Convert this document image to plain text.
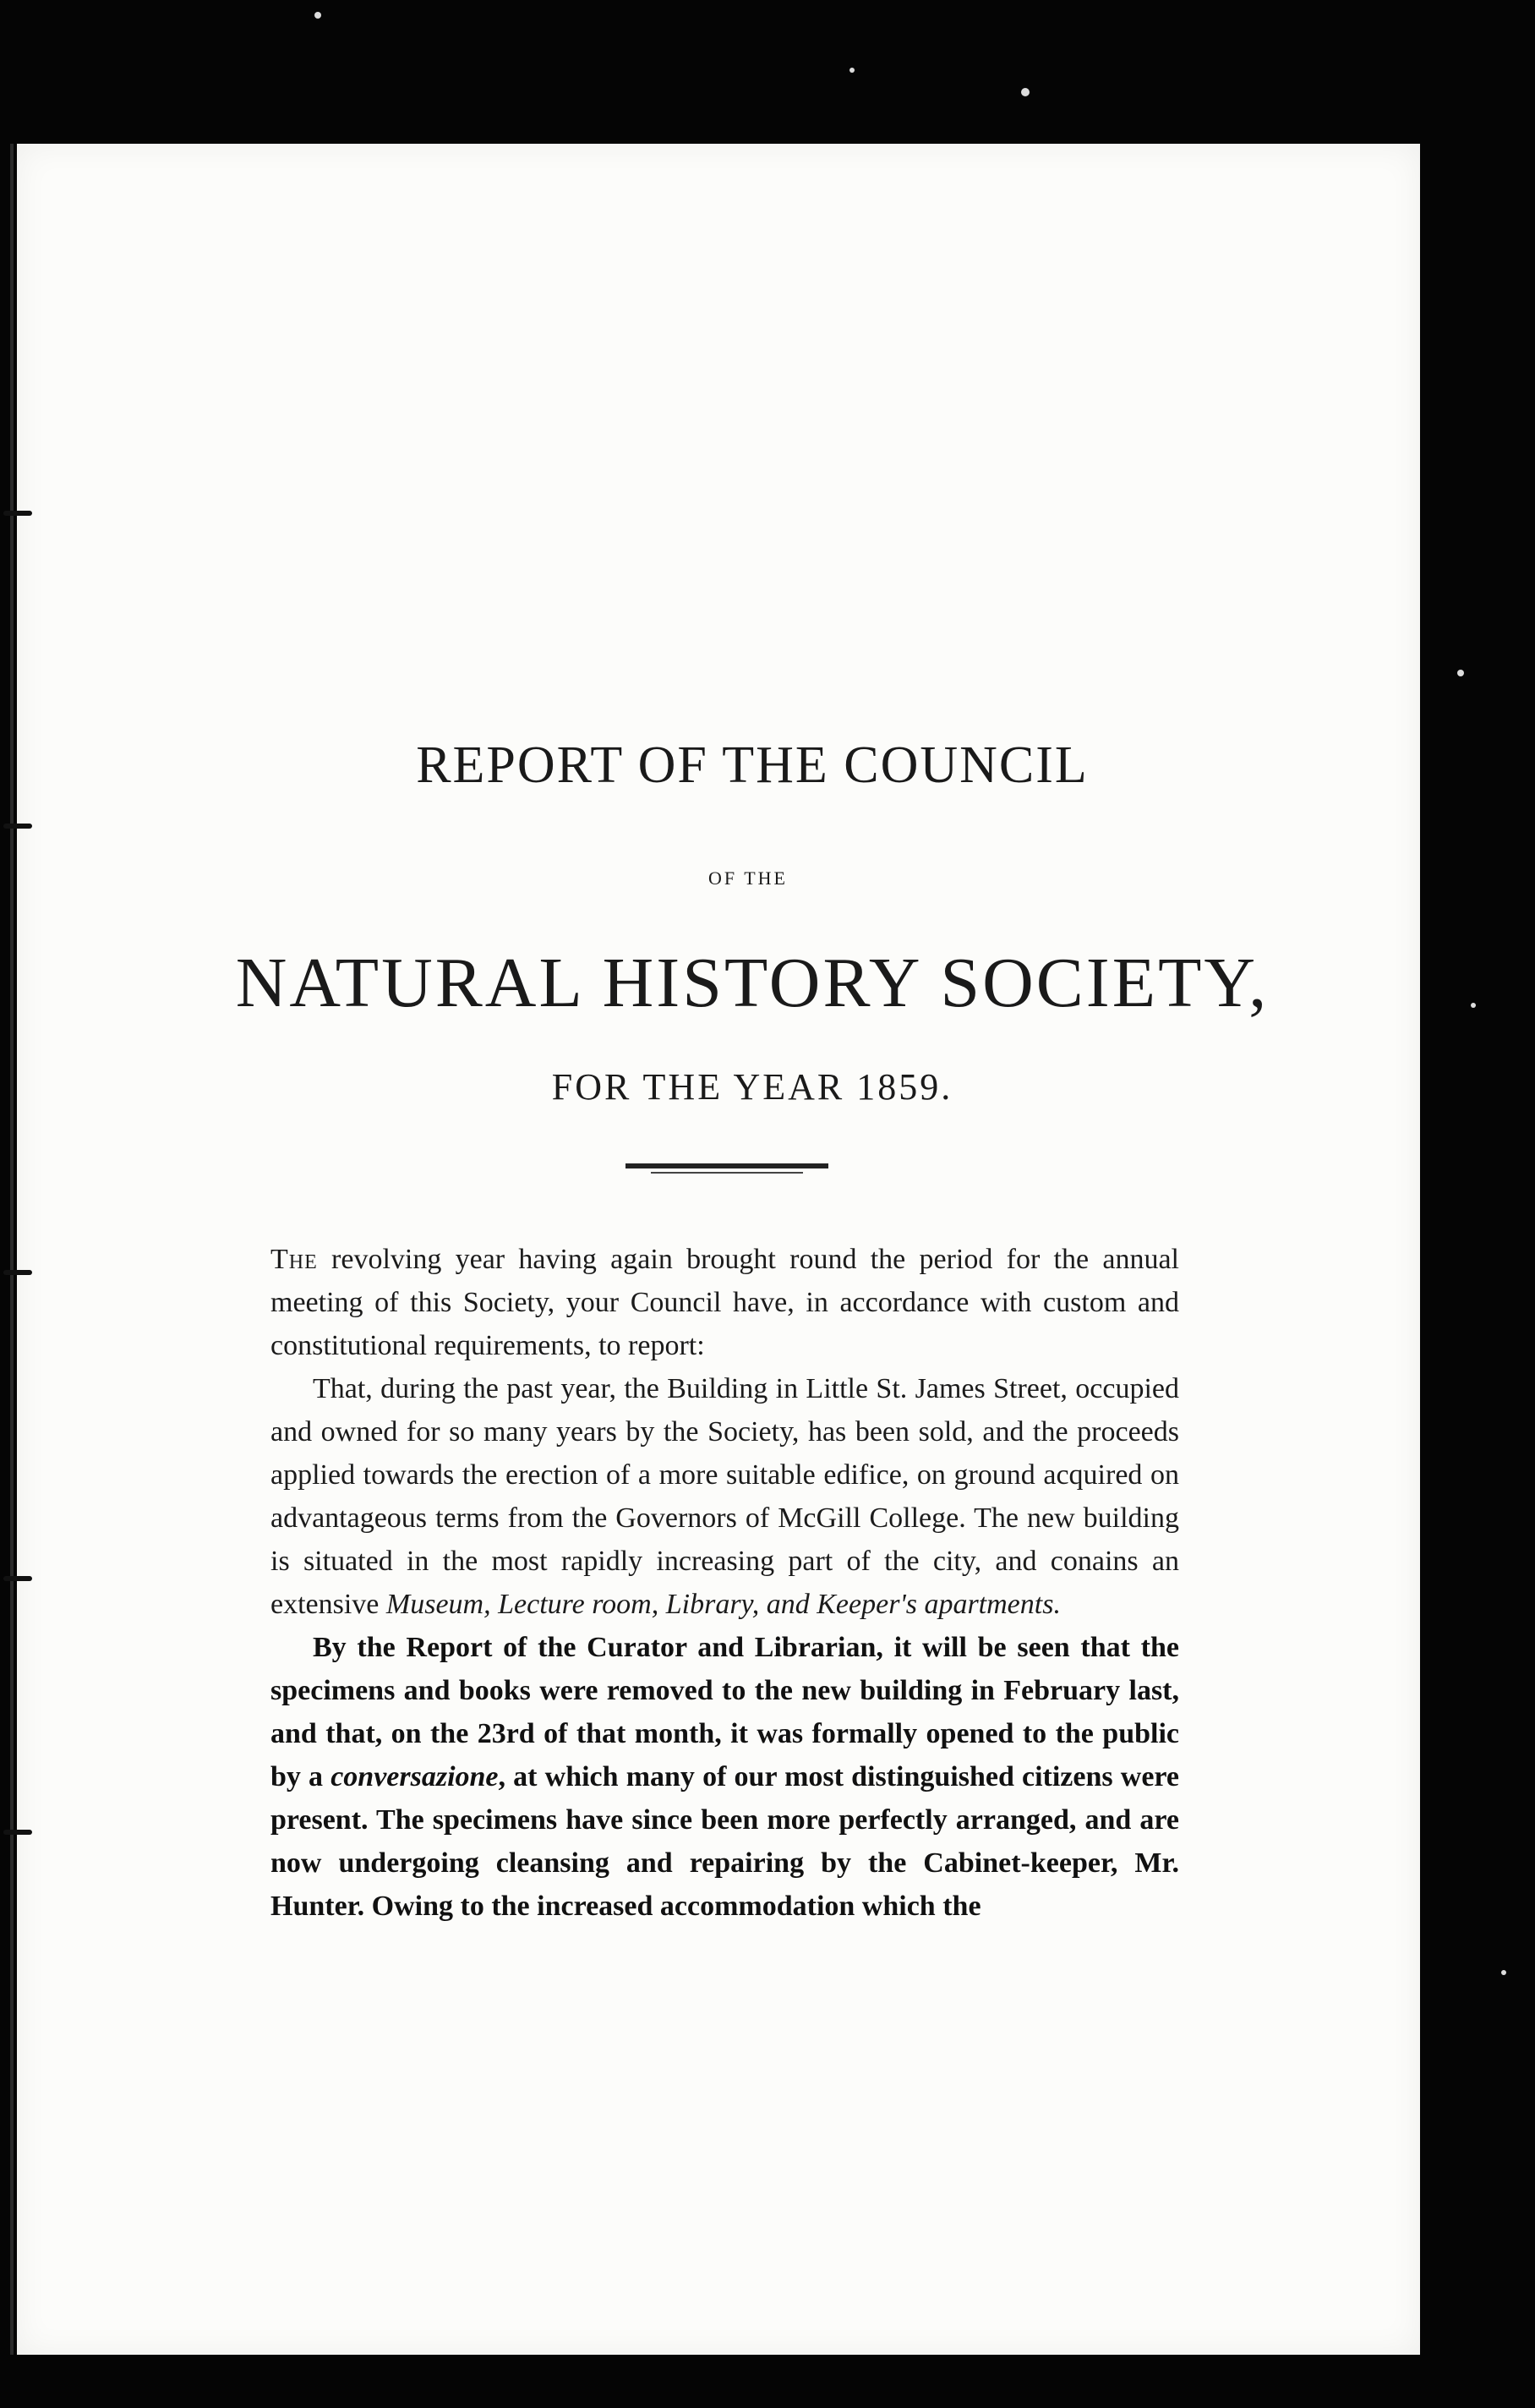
REPORT OF THE COUNCIL
OF THE
NATURAL HISTORY SOCIETY,
FOR THE YEAR 1859.

The revolving year having again brought round the period for the annual meeting of this Society, your Council have, in accordance with custom and constitutional requirements, to report:

That, during the past year, the Building in Little St. James Street, occupied and owned for so many years by the Society, has been sold, and the proceeds applied towards the erection of a more suitable edifice, on ground acquired on advantageous terms from the Governors of McGill College. The new building is situated in the most rapidly increasing part of the city, and conains an extensive Museum, Lecture room, Library, and Keeper's apartments.

By the Report of the Curator and Librarian, it will be seen that the specimens and books were removed to the new building in February last, and that, on the 23rd of that month, it was formally opened to the public by a conversazione, at which many of our most distinguished citizens were present. The specimens have since been more perfectly arranged, and are now undergoing cleansing and repairing by the Cabinet-keeper, Mr. Hunter. Owing to the increased accommodation which the
